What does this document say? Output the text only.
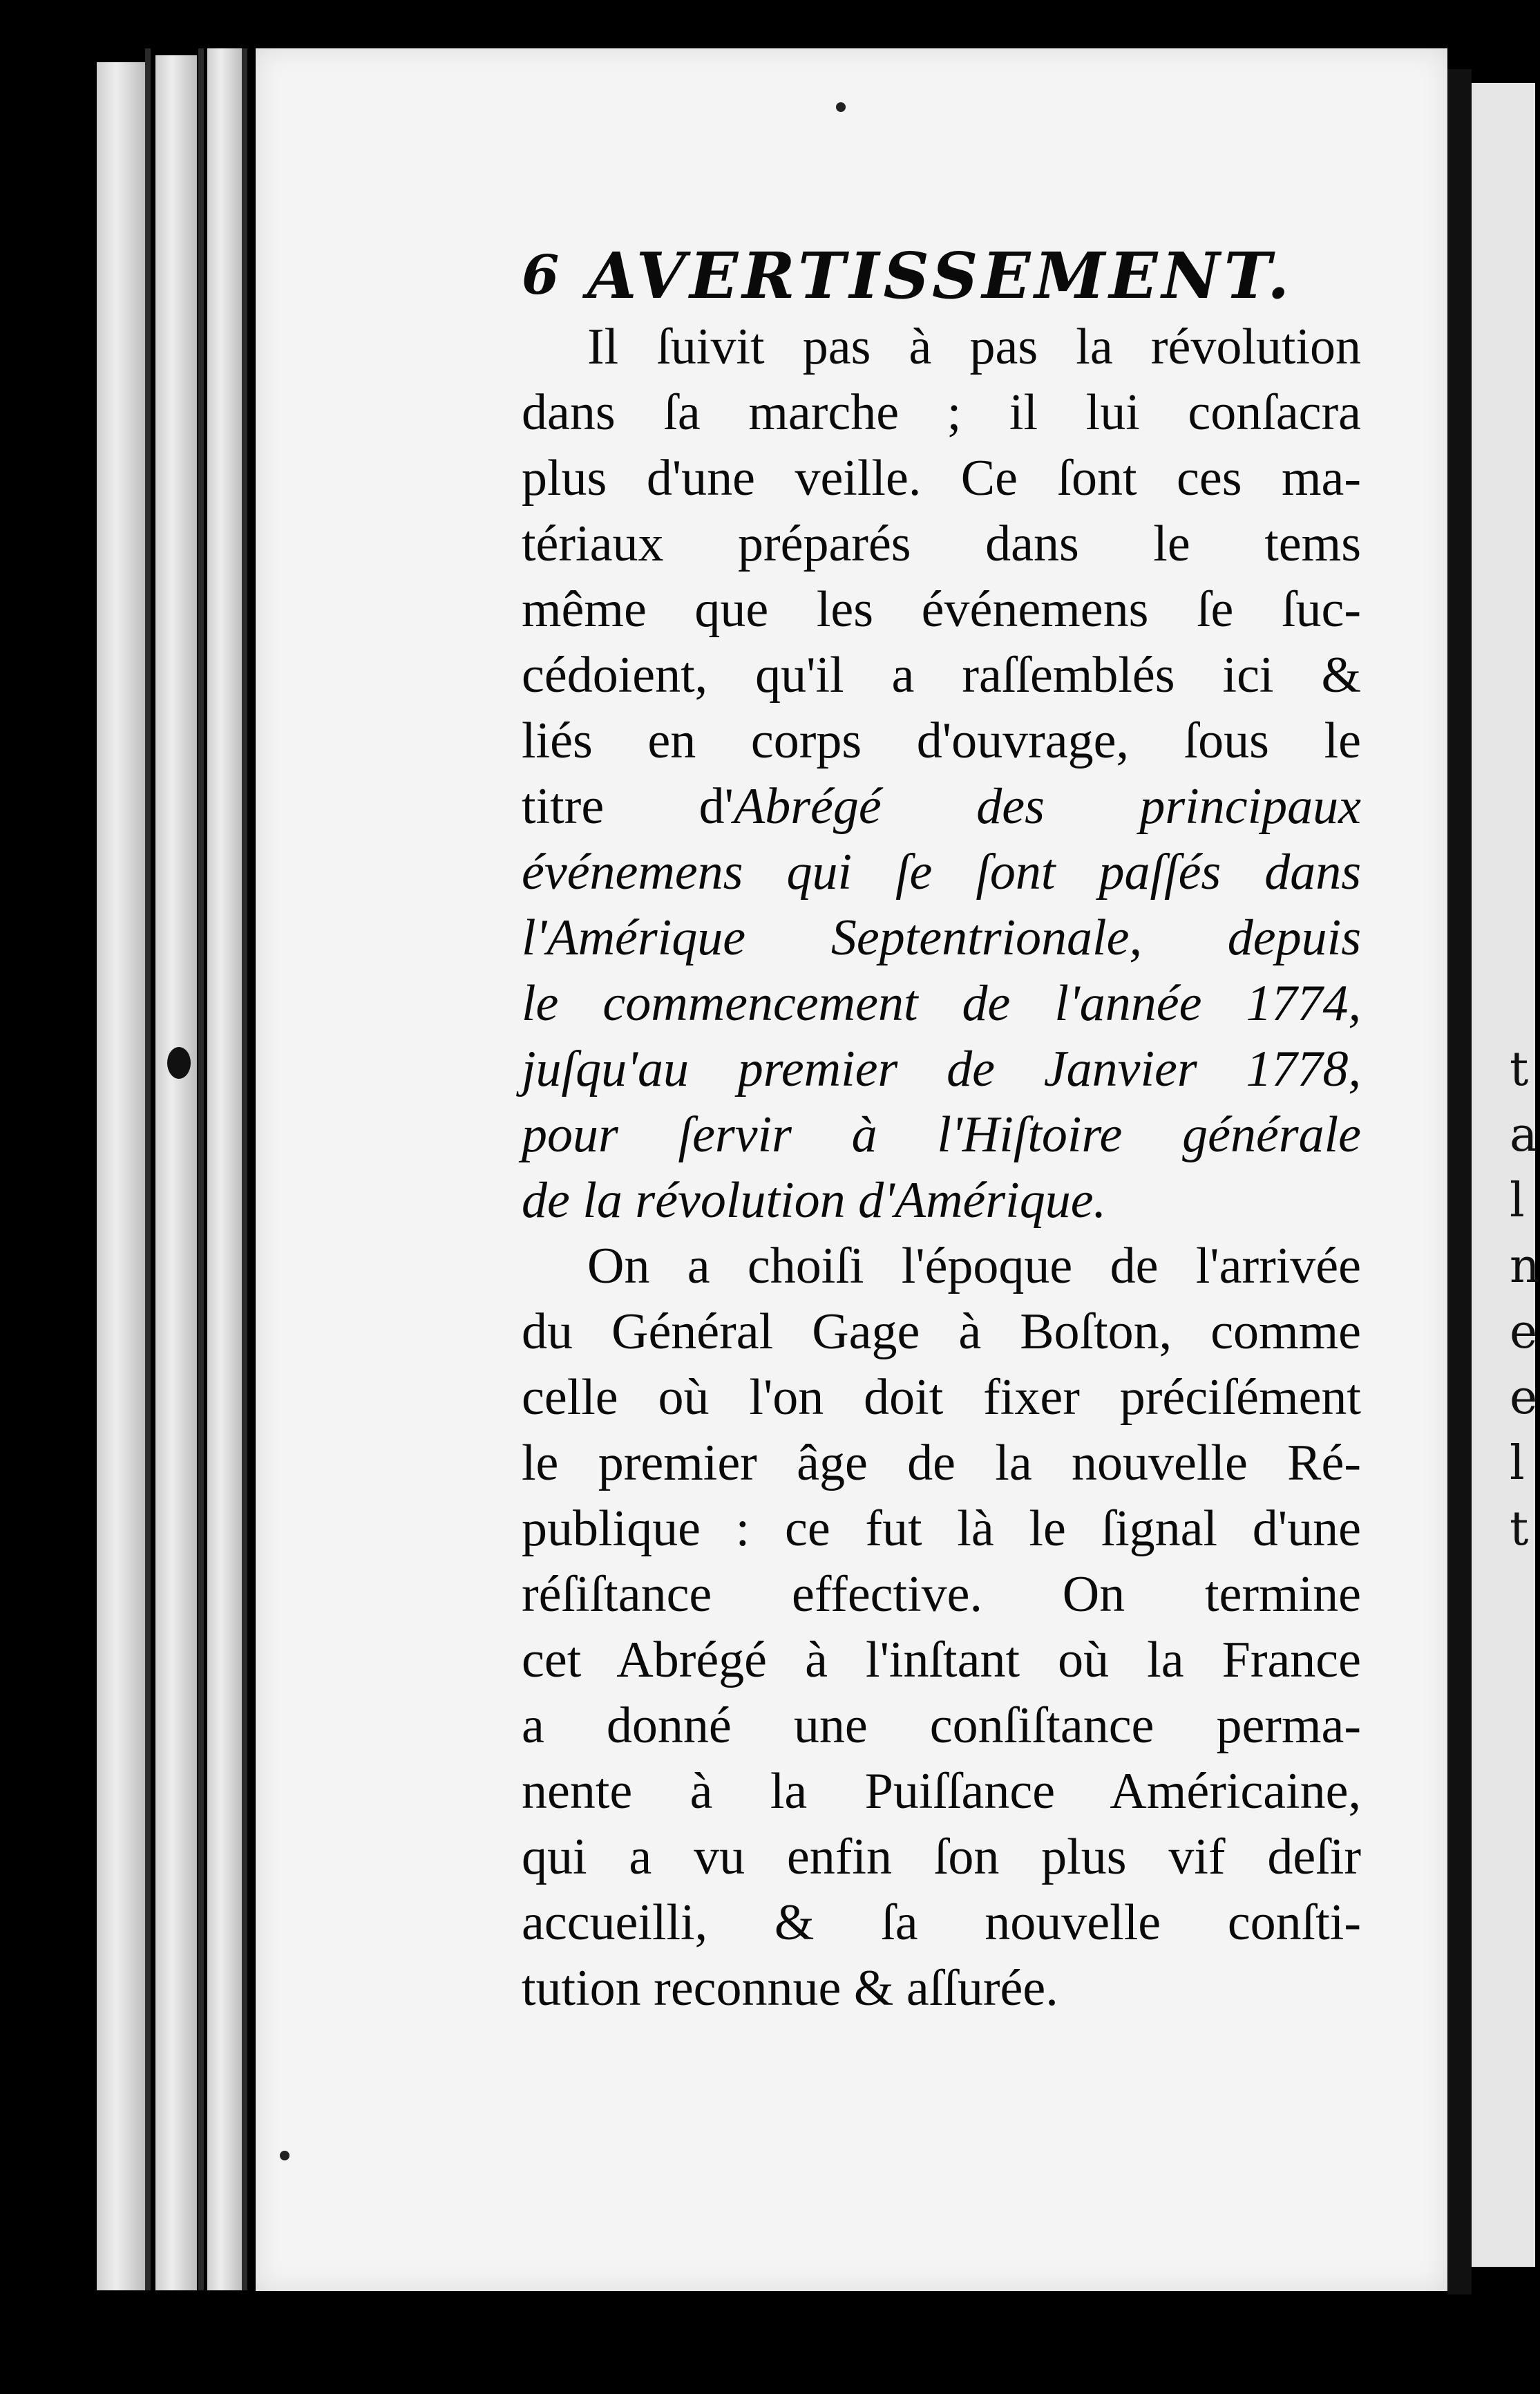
t
a
l
n
e
e
l
t
6 AVERTISSEMENT.
Il ſuivit pas à pas la révolution
dans ſa marche ; il lui conſacra
plus d'une veille. Ce ſont ces ma-
tériaux préparés dans le tems
même que les événemens ſe ſuc-
cédoient, qu'il a raſſemblés ici &
liés en corps d'ouvrage, ſous le
titre d'Abrégé des principaux
événemens qui ſe ſont paſſés dans
l'Amérique Septentrionale, depuis
le commencement de l'année 1774,
juſqu'au premier de Janvier 1778,
pour ſervir à l'Hiſtoire générale
de la révolution d'Amérique.
On a choiſi l'époque de l'arrivée
du Général Gage à Boſton, comme
celle où l'on doit fixer préciſément
le premier âge de la nouvelle Ré-
publique : ce fut là le ſignal d'une
réſiſtance effective. On termine
cet Abrégé à l'inſtant où la France
a donné une conſiſtance perma-
nente à la Puiſſance Américaine,
qui a vu enfin ſon plus vif deſir
accueilli, & ſa nouvelle conſti-
tution reconnue & aſſurée.
